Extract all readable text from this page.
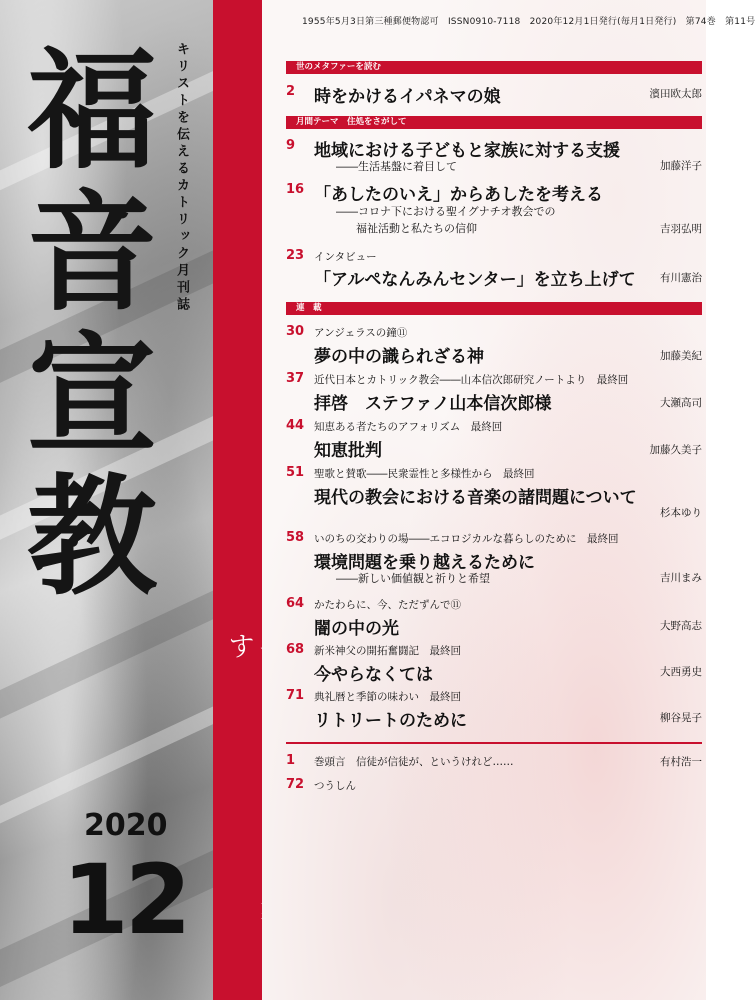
福
音
宣
教
キリストを伝えるカトリック月刊誌
2020
12
す
1955年5月3日第三種郵便物認可　ISSN0910-7118　2020年12月1日発行(毎月1日発行)　第74巻　第11号
世のメタファーを読む
2 時をかけるイパネマの娘	濱田欧太郎
月間テーマ　住処をさがして
9 地域における子どもと家族に対する支援
――生活基盤に着目して	加藤洋子
16 「あしたのいえ」からあしたを考える
――コロナ下における聖イグナチオ教会での
福祉活動と私たちの信仰	吉羽弘明
23 インタビュー
「アルペなんみんセンター」を立ち上げて 有川憲治
連　載
30 アンジェラスの鐘⑪
夢の中の識られざる神	加藤美紀
37 近代日本とカトリック教会――山本信次郎研究ノートより　最終回
拝啓　ステファノ山本信次郎様	大瀬高司
44 知恵ある者たちのアフォリズム　最終回
知恵批判	加藤久美子
51 聖歌と賛歌――民衆霊性と多様性から　最終回
現代の教会における音楽の諸問題について
杉本ゆり
58 いのちの交わりの場――エコロジカルな暮らしのために　最終回
環境問題を乗り越えるために
――新しい価値観と祈りと希望	吉川まみ
64 かたわらに、今、ただずんで⑪
闇の中の光	大野高志
68 新米神父の開拓奮闘記　最終回
今やらなくては	大西勇史
71 典礼暦と季節の味わい　最終回
リトリートのために	柳谷晃子
1 巻頭言　信徒が信徒が、というけれど……	有村浩一
72 つうしん
